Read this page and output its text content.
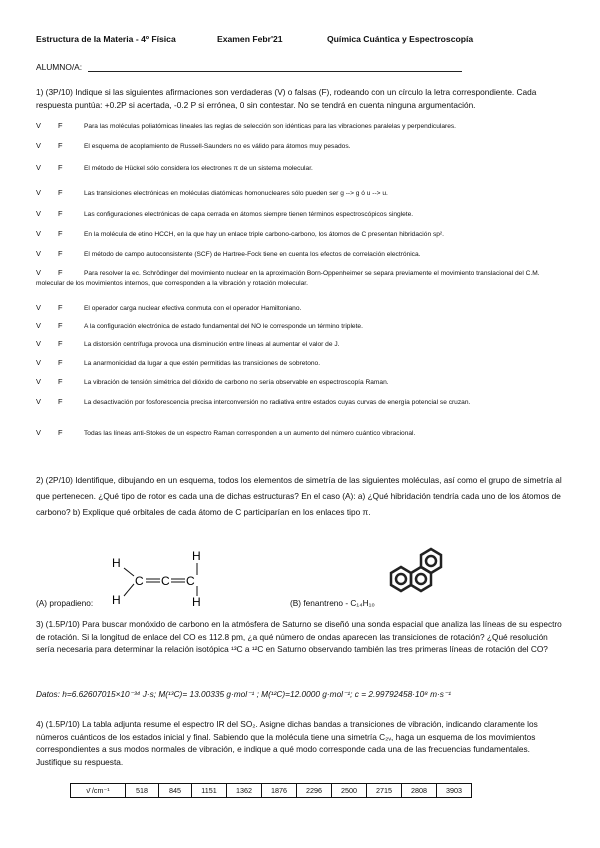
Estructura de la Materia - 4º Física	Examen Febr'21	Química Cuántica y Espectroscopía
ALUMNO/A:
1) (3P/10) Indique si las siguientes afirmaciones son verdaderas (V) o falsas (F), rodeando con un círculo la letra correspondiente. Cada respuesta puntúa: +0.2P si acertada, -0.2 P si errónea, 0 sin contestar. No se tendrá en cuenta ninguna argumentación.
V F	Para las moléculas poliatómicas lineales las reglas de selección son idénticas para las vibraciones paralelas y perpendiculares.
V F	El esquema de acoplamiento de Russell-Saunders no es válido para átomos muy pesados.
V F	El método de Hückel sólo considera los electrones π de un sistema molecular.
V F	Las transiciones electrónicas en moléculas diatómicas homonucleares sólo pueden ser g --> g ó u --> u.
V F	Las configuraciones electrónicas de capa cerrada en átomos siempre tienen términos espectroscópicos singlete.
V F	En la molécula de etino HCCH, en la que hay un enlace triple carbono-carbono, los átomos de C presentan hibridación sp².
V F	El método de campo autoconsistente (SCF) de Hartree-Fock tiene en cuenta los efectos de correlación electrónica.
V F	Para resolver la ec. Schrödinger del movimiento nuclear en la aproximación Born-Oppenheimer se separa previamente el movimiento translacional del C.M. molecular de los movimientos internos, que corresponden a la vibración y rotación molecular.
V F	El operador carga nuclear efectiva conmuta con el operador Hamiltoniano.
V F	A la configuración electrónica de estado fundamental del NO le corresponde un término triplete.
V F	La distorsión centrífuga provoca una disminución entre líneas al aumentar el valor de J.
V F	La anarmonicidad da lugar a que estén permitidas las transiciones de sobretono.
V F	La vibración de tensión simétrica del dióxido de carbono no sería observable en espectroscopía Raman.
V F	La desactivación por fosforescencia precisa interconversión no radiativa entre estados cuyas curvas de energía potencial se cruzan.
V F	Todas las líneas anti-Stokes de un espectro Raman corresponden a un aumento del número cuántico vibracional.
2) (2P/10) Identifique, dibujando en un esquema, todos los elementos de simetría de las siguientes moléculas, así como el grupo de simetría al que pertenecen. ¿Qué tipo de rotor es cada una de dichas estructuras? En el caso (A): a) ¿Qué hibridación tendría cada uno de los átomos de carbono? b) Explique qué orbitales de cada átomo de C participarían en los enlaces tipo π.
H
H
C C C
H
H
(A) propadieno:	(B) fenantreno - C₁₄H₁₀
3) (1.5P/10) Para buscar monóxido de carbono en la atmósfera de Saturno se diseñó una sonda espacial que analiza las líneas de su espectro de rotación. Si la longitud de enlace del CO es 112.8 pm, ¿a qué número de ondas aparecen las transiciones de rotación? ¿Qué resolución sería necesaria para determinar la relación isotópica ¹³C a ¹²C en Saturno observando también las tres primeras líneas de rotación del CO?
Datos: h=6.62607015×10⁻³⁴ J·s; M(¹³C)= 13.00335 g·mol⁻¹ ; M(¹²C)=12.0000 g·mol⁻¹; c = 2.99792458·10⁸ m·s⁻¹
4) (1.5P/10) La tabla adjunta resume el espectro IR del SO₂. Asigne dichas bandas a transiciones de vibración, indicando claramente los números cuánticos de los estados inicial y final. Sabiendo que la molécula tiene una simetría C₂ᵥ, haga un esquema de los movimientos correspondientes a sus modos normales de vibración, e indique a qué modo corresponde cada una de las frecuencias fundamentales. Justifique su respuesta.
ν̄ /cm⁻¹	518	845	1151	1362	1876	2296	2500	2715	2808	3903
